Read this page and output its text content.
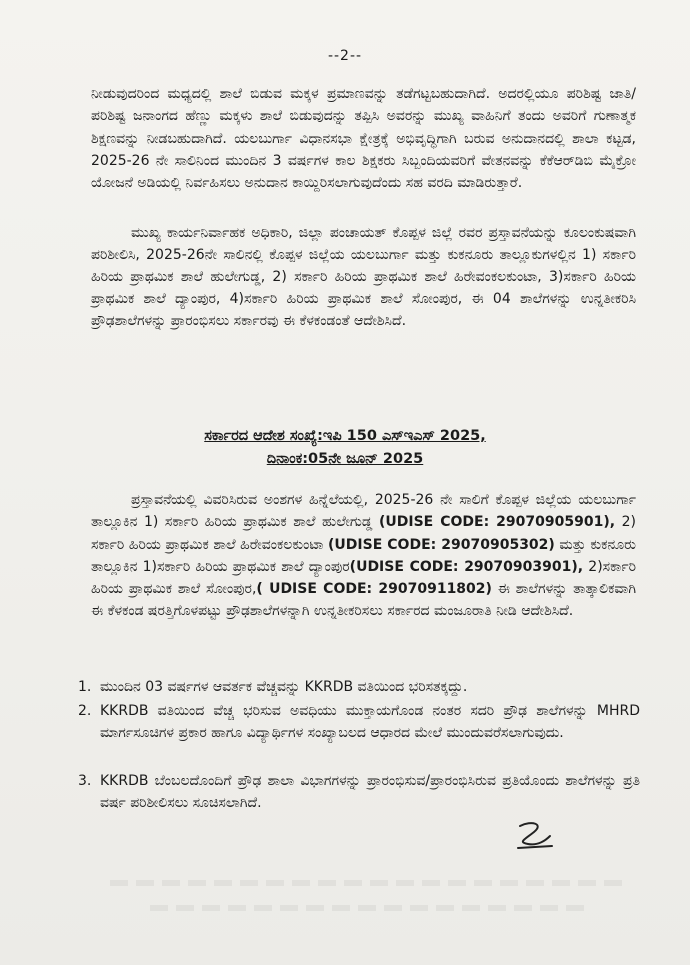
--2--

ನೀಡುವುದರಿಂದ ಮಧ್ಯದಲ್ಲಿ ಶಾಲೆ ಬಿಡುವ ಮಕ್ಕಳ ಪ್ರಮಾಣವನ್ನು ತಡೆಗಟ್ಟಬಹುದಾಗಿದೆ. ಅದರಲ್ಲಿಯೂ ಪರಿಶಿಷ್ಟ ಜಾತಿ/ಪರಿಶಿಷ್ಟ ಜನಾಂಗದ ಹೆಣ್ಣು ಮಕ್ಕಳು ಶಾಲೆ ಬಿಡುವುದನ್ನು ತಪ್ಪಿಸಿ ಅವರನ್ನು ಮುಖ್ಯ ವಾಹಿನಿಗೆ ತಂದು ಅವರಿಗೆ ಗುಣಾತ್ಮಕ ಶಿಕ್ಷಣವನ್ನು ನೀಡಬಹುದಾಗಿದೆ. ಯಲಬುರ್ಗಾ ವಿಧಾನಸಭಾ ಕ್ಷೇತ್ರಕ್ಕೆ ಅಭಿವೃದ್ಧಿಗಾಗಿ ಬರುವ ಅನುದಾನದಲ್ಲಿ ಶಾಲಾ ಕಟ್ಟಡ, 2025-26 ನೇ ಸಾಲಿನಿಂದ ಮುಂದಿನ 3 ವರ್ಷಗಳ ಕಾಲ ಶಿಕ್ಷಕರು ಸಿಬ್ಬಂದಿಯವರಿಗೆ ವೇತನವನ್ನು ಕೆಕೆಆರ್‌ಡಿಬಿ ಮೈಕ್ರೋ ಯೋಜನೆ ಅಡಿಯಲ್ಲಿ ನಿರ್ವಹಿಸಲು ಅನುದಾನ ಕಾಯ್ದಿರಿಸಲಾಗುವುದೆಂದು ಸಹ ವರದಿ ಮಾಡಿರುತ್ತಾರೆ.

ಮುಖ್ಯ ಕಾರ್ಯನಿರ್ವಾಹಕ ಅಧಿಕಾರಿ, ಜಿಲ್ಲಾ ಪಂಚಾಯತ್ ಕೊಪ್ಪಳ ಜಿಲ್ಲೆ ರವರ ಪ್ರಸ್ತಾವನೆಯನ್ನು ಕೂಲಂಕುಷವಾಗಿ ಪರಿಶೀಲಿಸಿ, 2025-26ನೇ ಸಾಲಿನಲ್ಲಿ ಕೊಪ್ಪಳ ಜಿಲ್ಲೆಯ ಯಲಬುರ್ಗಾ ಮತ್ತು ಕುಕನೂರು ತಾಲ್ಲೂಕುಗಳಲ್ಲಿನ 1) ಸರ್ಕಾರಿ ಹಿರಿಯ ಪ್ರಾಥಮಿಕ ಶಾಲೆ ಹುಲೇಗುಡ್ಡ, 2) ಸರ್ಕಾರಿ ಹಿರಿಯ ಪ್ರಾಥಮಿಕ ಶಾಲೆ ಹಿರೇವಂಕಲಕುಂಟಾ, 3)ಸರ್ಕಾರಿ ಹಿರಿಯ ಪ್ರಾಥಮಿಕ ಶಾಲೆ ದ್ಯಾಂಪುರ, 4)ಸರ್ಕಾರಿ ಹಿರಿಯ ಪ್ರಾಥಮಿಕ ಶಾಲೆ ಸೋಂಪುರ, ಈ 04 ಶಾಲೆಗಳನ್ನು ಉನ್ನತೀಕರಿಸಿ ಪ್ರೌಢಶಾಲೆಗಳನ್ನು ಪ್ರಾರಂಭಿಸಲು ಸರ್ಕಾರವು ಈ ಕೆಳಕಂಡಂತೆ ಆದೇಶಿಸಿದೆ.

ಸರ್ಕಾರದ ಆದೇಶ ಸಂಖ್ಯೆ:ಇಪಿ 150 ಎಸ್‌ಇಎಸ್ 2025,

ದಿನಾಂಕ:05ನೇ ಜೂನ್ 2025

ಪ್ರಸ್ತಾವನೆಯಲ್ಲಿ ವಿವರಿಸಿರುವ ಅಂಶಗಳ ಹಿನ್ನೆಲೆಯಲ್ಲಿ, 2025-26 ನೇ ಸಾಲಿಗೆ ಕೊಪ್ಪಳ ಜಿಲ್ಲೆಯ ಯಲಬುರ್ಗಾ ತಾಲ್ಲೂಕಿನ 1) ಸರ್ಕಾರಿ ಹಿರಿಯ ಪ್ರಾಥಮಿಕ ಶಾಲೆ ಹುಲೇಗುಡ್ಡ (UDISE CODE: 29070905901), 2) ಸರ್ಕಾರಿ ಹಿರಿಯ ಪ್ರಾಥಮಿಕ ಶಾಲೆ ಹಿರೇವಂಕಲಕುಂಟಾ (UDISE CODE: 29070905302) ಮತ್ತು ಕುಕನೂರು ತಾಲ್ಲೂಕಿನ 1)ಸರ್ಕಾರಿ ಹಿರಿಯ ಪ್ರಾಥಮಿಕ ಶಾಲೆ ದ್ಯಾಂಪುರ(UDISE CODE: 29070903901), 2)ಸರ್ಕಾರಿ ಹಿರಿಯ ಪ್ರಾಥಮಿಕ ಶಾಲೆ ಸೋಂಪುರ,( UDISE CODE: 29070911802) ಈ ಶಾಲೆಗಳನ್ನು ತಾತ್ಕಾಲಿಕವಾಗಿ ಈ ಕೆಳಕಂಡ ಷರತ್ತಿಗೊಳಪಟ್ಟು ಪ್ರೌಢಶಾಲೆಗಳನ್ನಾಗಿ ಉನ್ನತೀಕರಿಸಲು ಸರ್ಕಾರದ ಮಂಜೂರಾತಿ ನೀಡಿ ಆದೇಶಿಸಿದೆ.

1. ಮುಂದಿನ 03 ವರ್ಷಗಳ ಆವರ್ತಕ ವೆಚ್ಚವನ್ನು KKRDB ವತಿಯಿಂದ ಭರಿಸತಕ್ಕದ್ದು.
2. KKRDB ವತಿಯಿಂದ ವೆಚ್ಚ ಭರಿಸುವ ಅವಧಿಯು ಮುಕ್ತಾಯಗೊಂಡ ನಂತರ ಸದರಿ ಪ್ರೌಢ ಶಾಲೆಗಳನ್ನು MHRD ಮಾರ್ಗಸೂಚಿಗಳ ಪ್ರಕಾರ ಹಾಗೂ ವಿದ್ಯಾರ್ಥಿಗಳ ಸಂಖ್ಯಾಬಲದ ಆಧಾರದ ಮೇಲೆ ಮುಂದುವರೆಸಲಾಗುವುದು.
3. KKRDB ಬೆಂಬಲದೊಂದಿಗೆ ಪ್ರೌಢ ಶಾಲಾ ವಿಭಾಗಗಳನ್ನು ಪ್ರಾರಂಭಿಸುವ/ಪ್ರಾರಂಭಿಸಿರುವ ಪ್ರತಿಯೊಂದು ಶಾಲೆಗಳನ್ನು ಪ್ರತಿ ವರ್ಷ ಪರಿಶೀಲಿಸಲು ಸೂಚಿಸಲಾಗಿದೆ.
